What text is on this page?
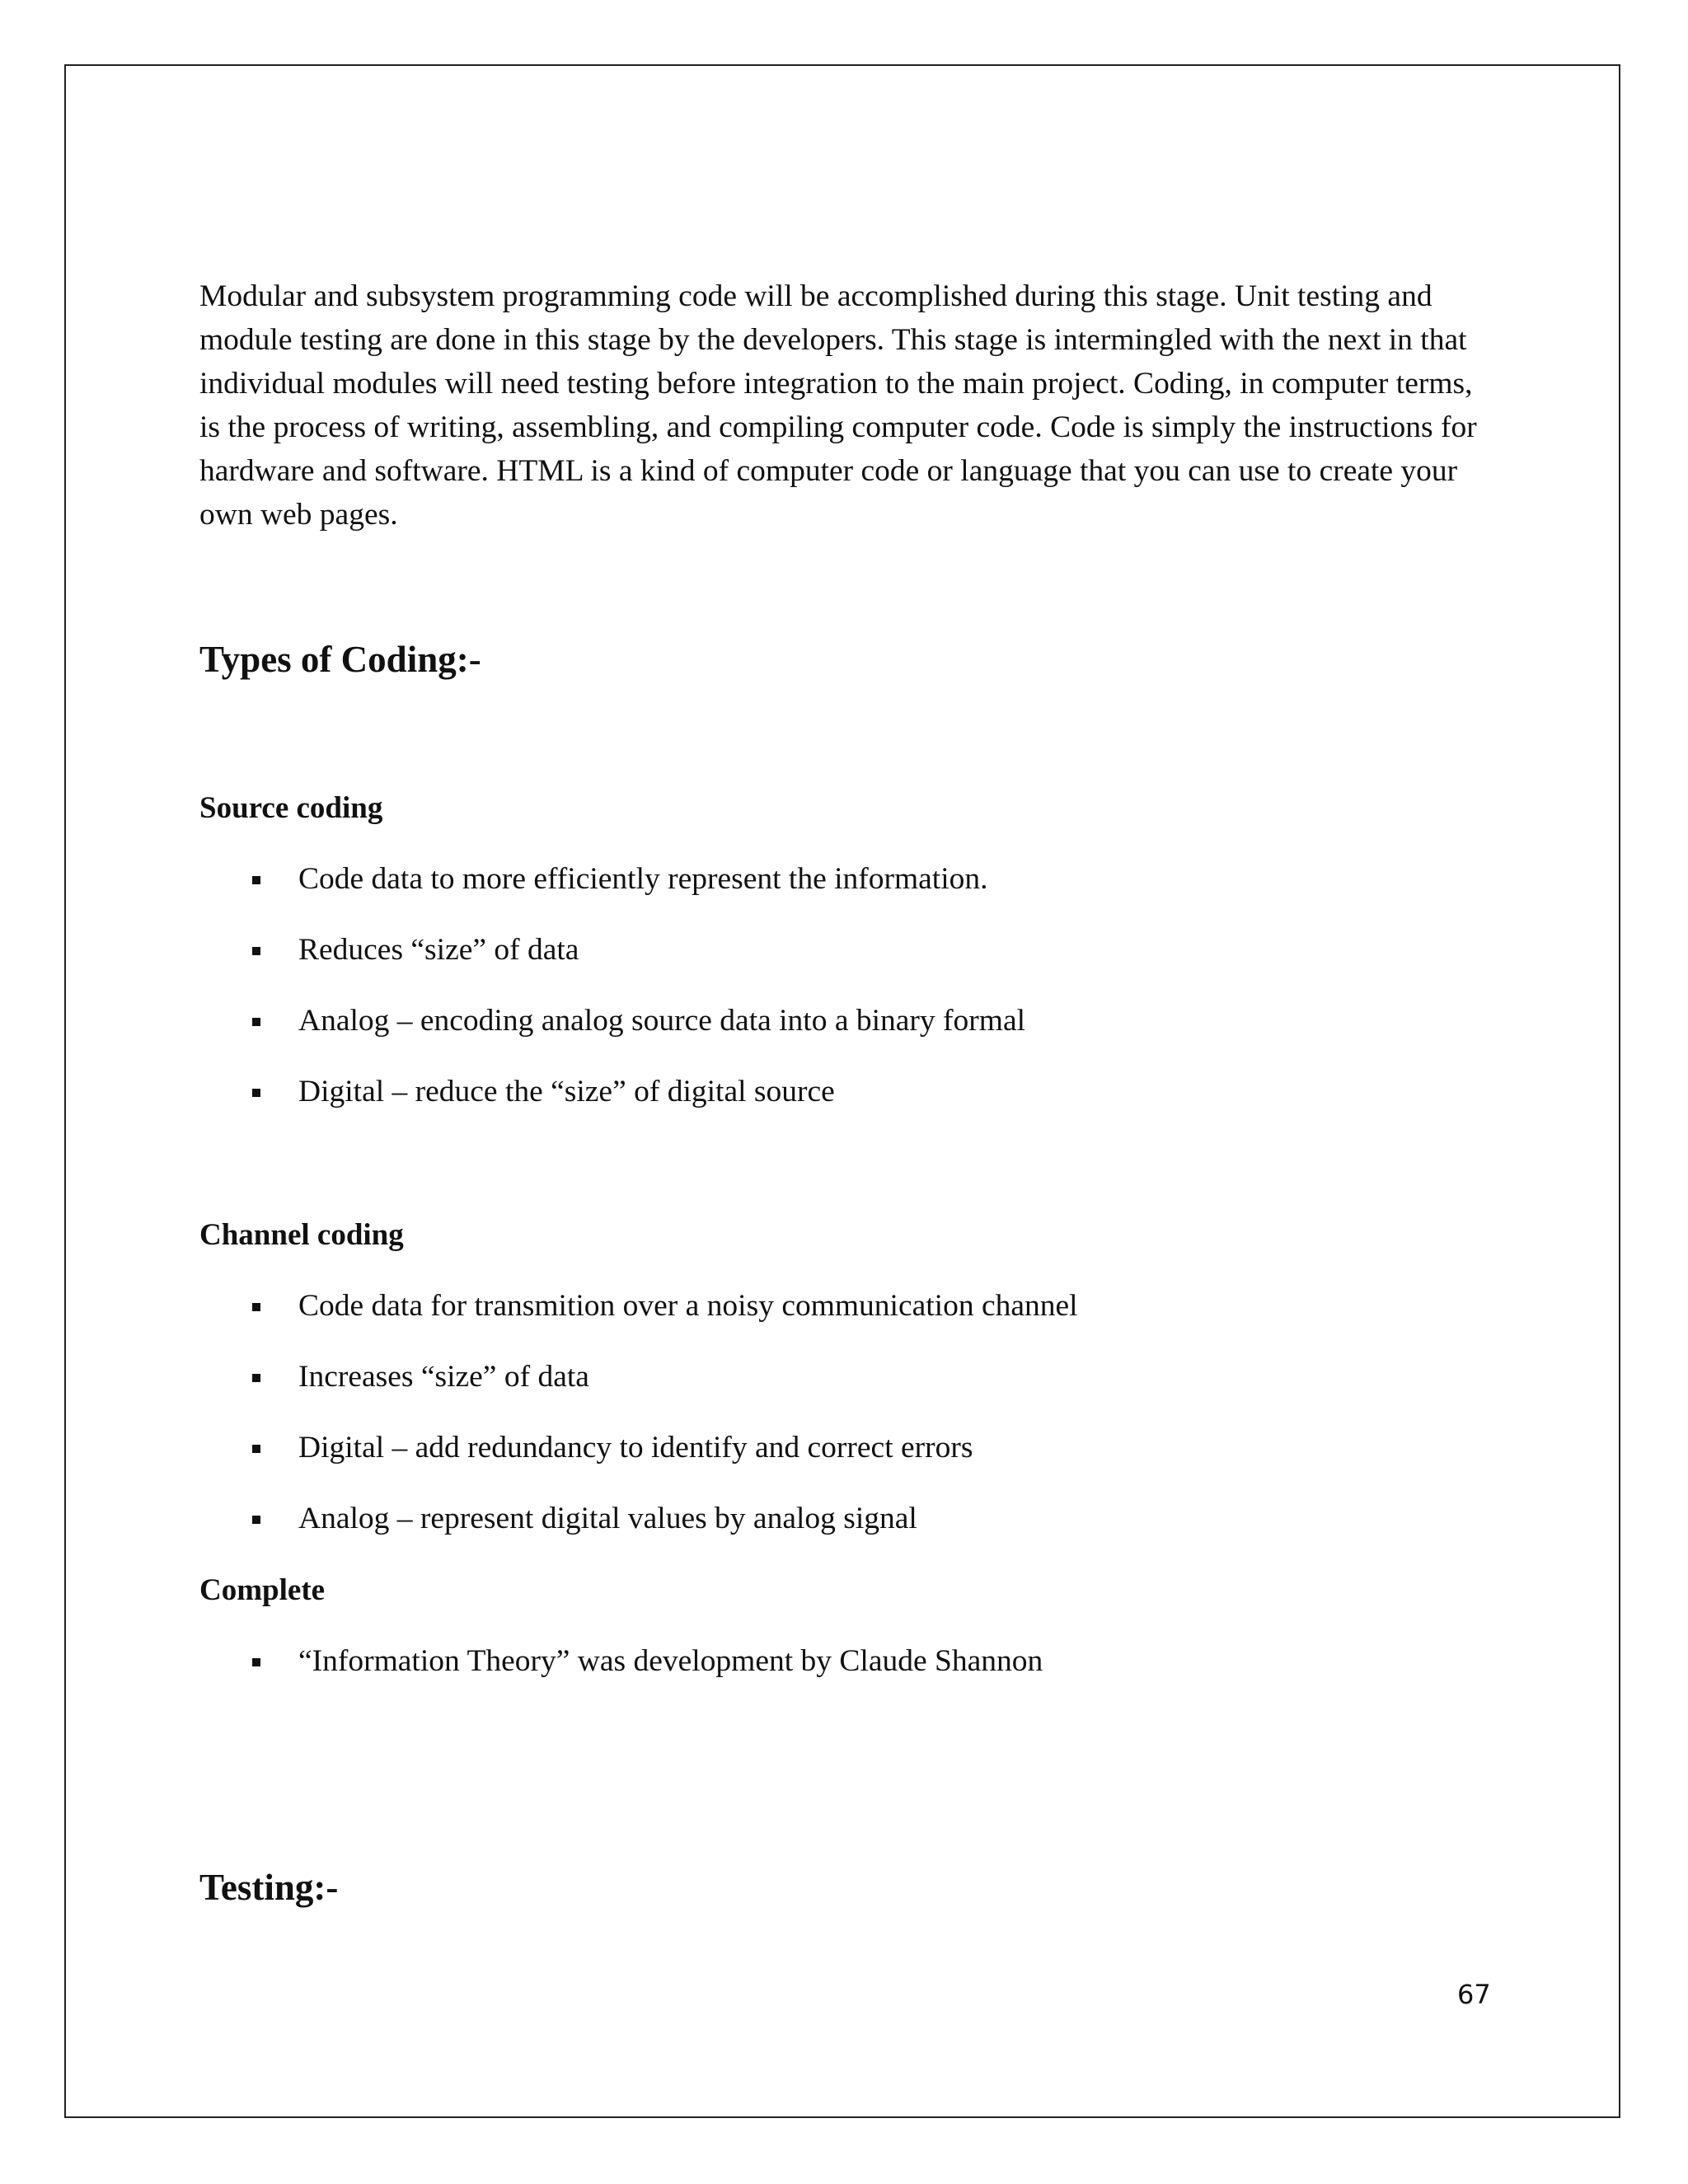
Modular and subsystem programming code will be accomplished during this stage. Unit testing and module testing are done in this stage by the developers. This stage is intermingled with the next in that individual modules will need testing before integration to the main project. Coding, in computer terms, is the process of writing, assembling, and compiling computer code. Code is simply the instructions for hardware and software. HTML is a kind of computer code or language that you can use to create your own web pages.

Types of Coding:-
Source coding
Code data to more efficiently represent the information.
Reduces “size” of data
Analog – encoding analog source data into a binary formal
Digital – reduce the “size” of digital source
Channel coding
Code data for transmition over a noisy communication channel
Increases “size” of data
Digital – add redundancy to identify and correct errors
Analog – represent digital values by analog signal
Complete
“Information Theory” was development by Claude Shannon
Testing:-
67
